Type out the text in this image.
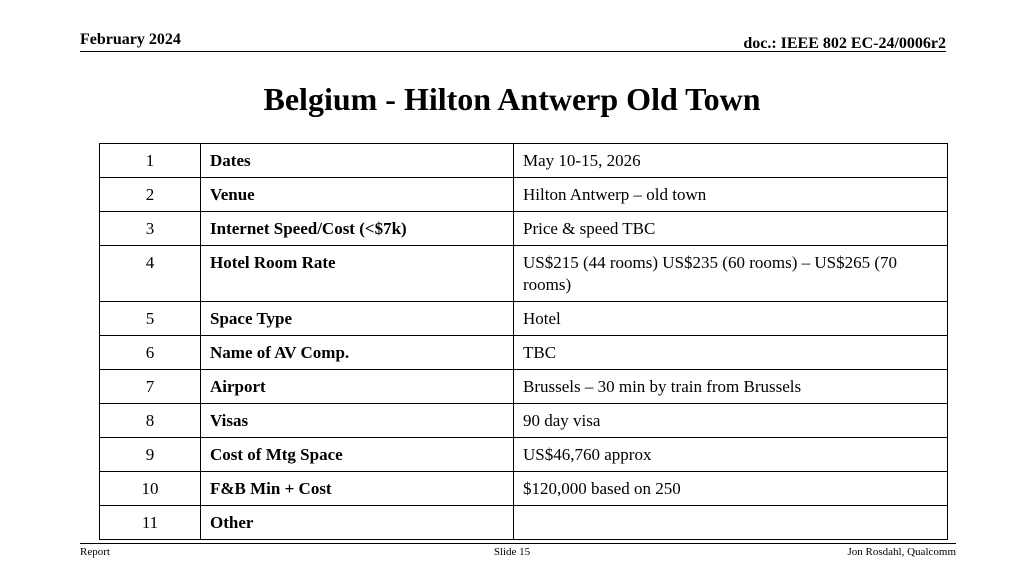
February 2024	doc.: IEEE 802 EC-24/0006r2
Belgium - Hilton Antwerp Old Town
1	Dates	May 10-15, 2026
2	Venue	Hilton Antwerp – old town
3	Internet Speed/Cost (<$7k)	Price & speed TBC
4	Hotel Room Rate	US$215 (44 rooms) US$235 (60 rooms) – US$265 (70 rooms)
5	Space Type	Hotel
6	Name of AV Comp.	TBC
7	Airport	Brussels – 30 min by train from Brussels
8	Visas	90 day visa
9	Cost of Mtg Space	US$46,760 approx
10	F&B Min + Cost	$120,000 based on 250
11	Other	
Report	Slide 15	Jon Rosdahl, Qualcomm
